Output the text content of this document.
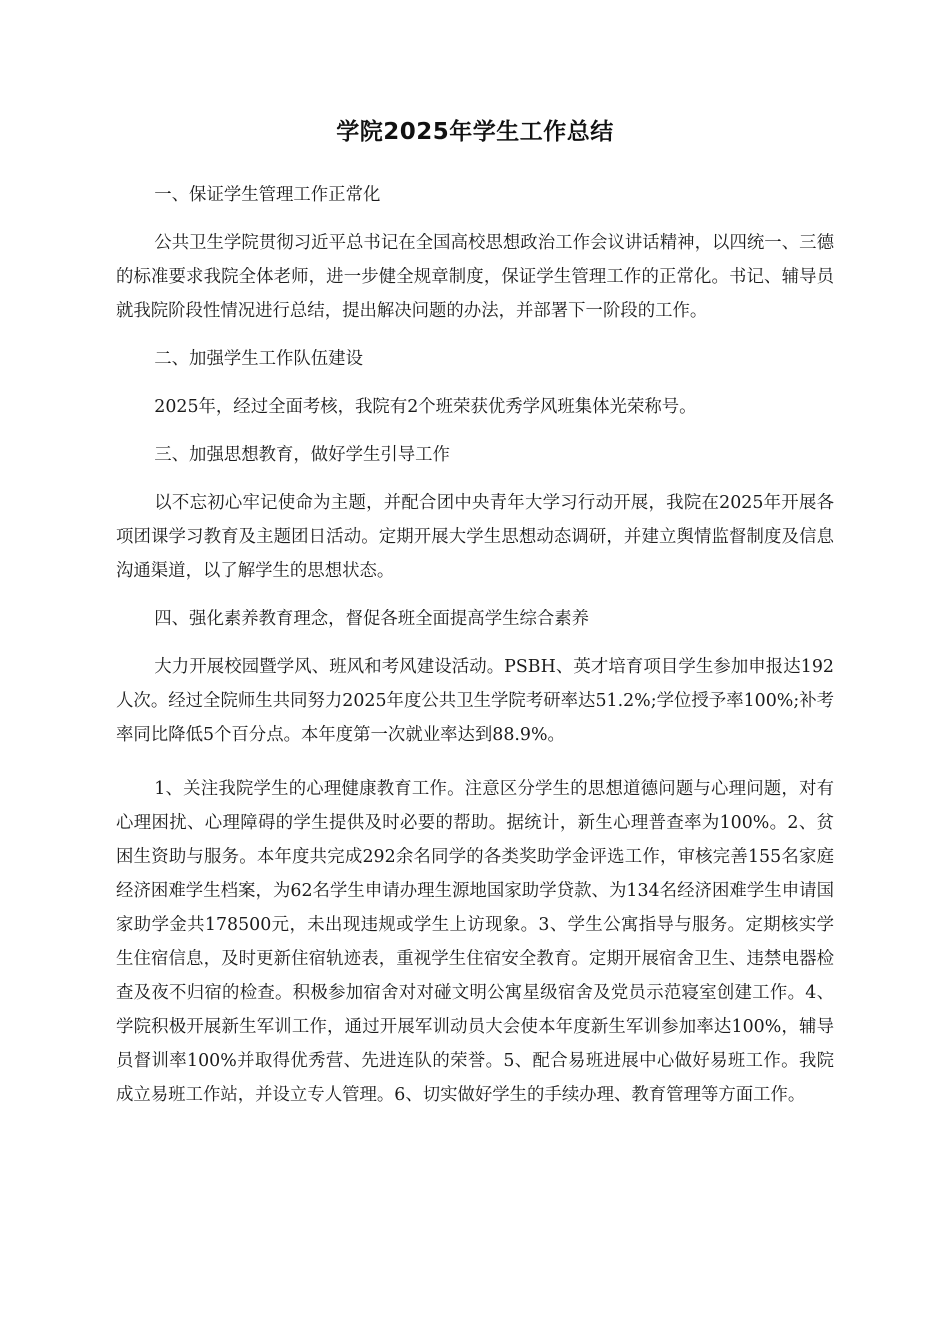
学院2025年学生工作总结

一、保证学生管理工作正常化

公共卫生学院贯彻习近平总书记在全国高校思想政治工作会议讲话精神，以四统一、三德的标准要求我院全体老师，进一步健全规章制度，保证学生管理工作的正常化。书记、辅导员就我院阶段性情况进行总结，提出解决问题的办法，并部署下一阶段的工作。

二、加强学生工作队伍建设

2025年，经过全面考核，我院有2个班荣获优秀学风班集体光荣称号。

三、加强思想教育，做好学生引导工作

以不忘初心牢记使命为主题，并配合团中央青年大学习行动开展，我院在2025年开展各项团课学习教育及主题团日活动。定期开展大学生思想动态调研，并建立舆情监督制度及信息沟通渠道，以了解学生的思想状态。

四、强化素养教育理念，督促各班全面提高学生综合素养

大力开展校园暨学风、班风和考风建设活动。PSBH、英才培育项目学生参加申报达192人次。经过全院师生共同努力2025年度公共卫生学院考研率达51.2%;学位授予率100%;补考率同比降低5个百分点。本年度第一次就业率达到88.9%。

1、关注我院学生的心理健康教育工作。注意区分学生的思想道德问题与心理问题，对有心理困扰、心理障碍的学生提供及时必要的帮助。据统计，新生心理普查率为100%。2、贫困生资助与服务。本年度共完成292余名同学的各类奖助学金评选工作，审核完善155名家庭经济困难学生档案，为62名学生申请办理生源地国家助学贷款、为134名经济困难学生申请国家助学金共178500元，未出现违规或学生上访现象。3、学生公寓指导与服务。定期核实学生住宿信息，及时更新住宿轨迹表，重视学生住宿安全教育。定期开展宿舍卫生、违禁电器检查及夜不归宿的检查。积极参加宿舍对对碰文明公寓星级宿舍及党员示范寝室创建工作。4、学院积极开展新生军训工作，通过开展军训动员大会使本年度新生军训参加率达100%，辅导员督训率100%并取得优秀营、先进连队的荣誉。5、配合易班进展中心做好易班工作。我院成立易班工作站，并设立专人管理。6、切实做好学生的手续办理、教育管理等方面工作。
